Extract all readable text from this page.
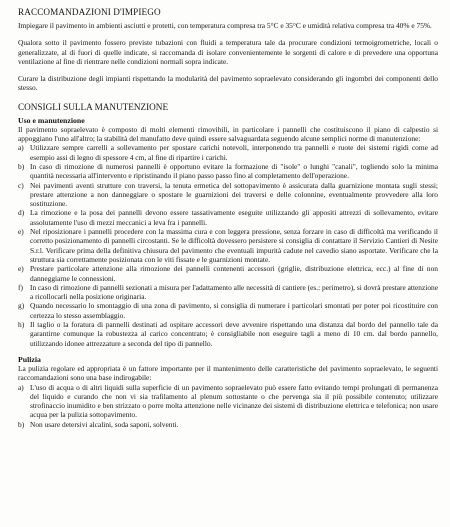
RACCOMANDAZIONI D'IMPIEGO
Impiegare il pavimento in ambienti asciutti e protetti, con temperatura compresa tra 5°C e 35°C e umidità relativa compresa tra 40% e 75%.
Qualora sotto il pavimento fossero previste tubazioni con fluidi a temperatura tale da procurare condizioni termoigrometriche, locali o generalizzate, al di fuori di quelle indicate, si raccomanda di isolare convenientemente le sorgenti di calore e di prevedere una opportuna ventilazione al fine di rientrare nelle condizioni normali sopra indicate.
Curare la distribuzione degli impianti rispettando la modularità del pavimento sopraelevato considerando gli ingombri dei componenti dello stesso.
CONSIGLI SULLA MANUTENZIONE
Uso e manutenzione
Il pavimento sopraelevato è composto di molti elementi rimovibili, in particolare i pannelli che costituiscono il piano di calpestio si appoggiano l'uno all'altro; la stabilità del manufatto deve quindi essere salvaguardata seguendo alcune semplici norme di manutenzione:
a) Utilizzare sempre carrelli a sollevamento per spostare carichi notevoli, interponendo tra pannelli e ruote dei sistemi rigidi come ad esempio assi di legno di spessore 4 cm, al fine di ripartire i carichi.
b) In caso di rimozione di numerosi pannelli è opportuno evitare la formazione di "isole" o lunghi "canali", togliendo solo la minima quantità necessaria all'intervento e ripristinando il piano passo passo fino al completamento dell'operazione.
c) Nei pavimenti aventi strutture con traversi, la tenuta ermetica del sottopavimento è assicurata dalla guarnizione montata sugli stessi; prestare attenzione a non danneggiare o spostare le guarnizioni dei traversi e delle colonnine, eventualmente provvedere alla loro sostituzione.
d) La rimozione e la posa dei pannelli devono essere tassativamente eseguite utilizzando gli appositi attrezzi di sollevamento, evitare assolutamente l'uso di mezzi meccanici a leva fra i pannelli.
e) Nel riposizionare i pannelli procedere con la massima cura e con leggera pressione, senza forzare in caso di difficoltà ma verificando il corretto posizionamento di pannelli circostanti. Se le difficoltà dovessero persistere si consiglia di contattare il Servizio Cantieri di Nesite S.r.l. Verificare prima della definitiva chiusura del pavimento che eventuali impurità cadute nel cavedio siano asportate. Verificare che la struttura sia correttamente posizionata con le viti fissate e le guarnizioni montate.
e) Prestare particolare attenzione alla rimozione dei pannelli contenenti accessori (griglie, distribuzione elettrica, ecc.) al fine di non danneggiarne le connessioni.
f) In caso di rimozione di pannelli sezionati a misura per l'adattamento alle necessità di cantiere (es.: perimetro), si dovrà prestare attenzione a ricollocarli nella posizione originaria.
g) Quando necessario lo smontaggio di una zona di pavimento, si consiglia di numerare i particolari smontati per poter poi ricostituire con certezza lo stesso assemblaggio.
h) Il taglio o la foratura di pannelli destinati ad ospitare accessori deve avvenire rispettando una distanza dal bordo del pannello tale da garantirne comunque la robustezza al carico concentrato; è consigliabile non eseguire tagli a meno di 10 cm. dal bordo pannello, utilizzando idonee attrezzature a seconda del tipo di pannello.
Pulizia
La pulizia regolare ed appropriata è un fattore importante per il mantenimento delle caratteristiche del pavimento sopraelevato, le seguenti raccomandazioni sono una base indirogabile:
a) L'uso di acqua o di altri liquidi sulla superficie di un pavimento sopraelevato può essere fatto evitando tempi prolungati di permanenza del liquido e curando che non vi sia trafilamento al plenum sottostante o che pervenga sia il più possibile contenuto; utilizzare strofinaccio inumidito e ben strizzato o porre molta attenzione nelle vicinanze dei sistemi di distribuzione elettrica e telefonica; non usare acqua per la pulizia sottopavimento.
b) Non usare detersivi alcalini, soda saponi, solventi.
